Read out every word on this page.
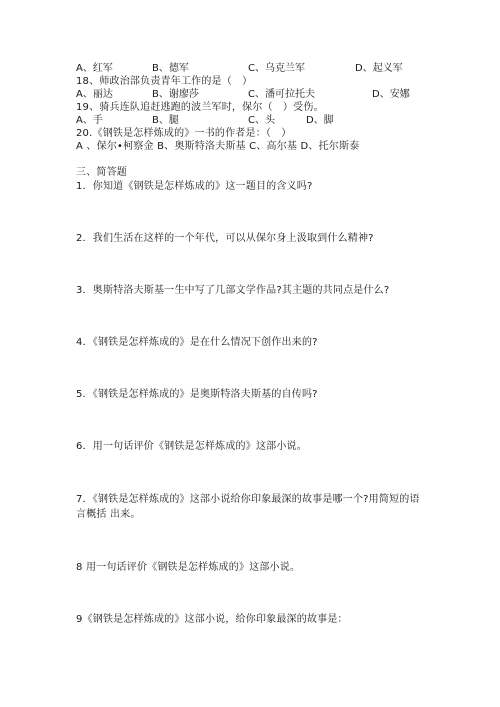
A、红军	B、德军	C、乌克兰军	D、起义军
18、师政治部负责青年工作的是（　）
A、丽达	B、谢廖莎	C、潘可拉托夫	D、安娜
19、骑兵连队追赶逃跑的波兰军时，保尔（　）受伤。
A、手	B、腿	C、头	D、脚
20.《钢铁是怎样炼成的》一书的作者是：（　）
A 、保尔•柯察金 B、奥斯特洛夫斯基 C、高尔基 D、托尔斯泰
三、简答题
1．你知道《钢铁是怎样炼成的》这一题目的含义吗?
2．我们生活在这样的一个年代，可以从保尔身上汲取到什么精神?
3．奥斯特洛夫斯基一生中写了几部文学作品?其主题的共同点是什么?
4．《钢铁是怎样炼成的》是在什么情况下创作出来的?
5．《钢铁是怎样炼成的》是奥斯特洛夫斯基的自传吗?
6．用一句话评价《钢铁是怎样炼成的》这部小说。
7．《钢铁是怎样炼成的》这部小说给你印象最深的故事是哪一个?用简短的语
言概括 出来。
8 用一句话评价《钢铁是怎样炼成的》这部小说。
9《钢铁是怎样炼成的》这部小说，给你印象最深的故事是：
